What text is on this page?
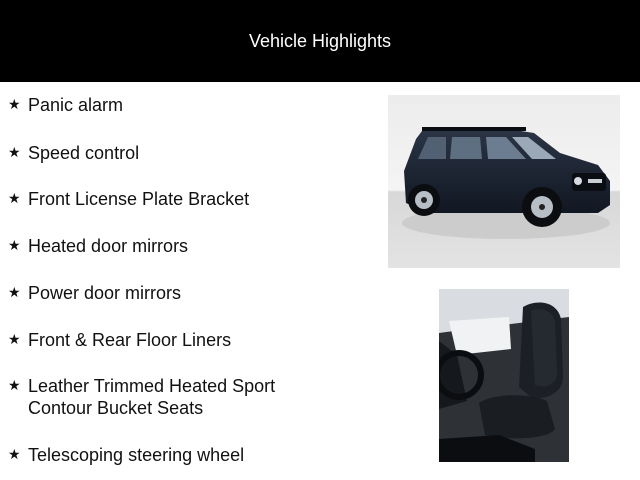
Vehicle Highlights
★ Panic alarm
★ Speed control
★ Front License Plate Bracket
★ Heated door mirrors
★ Power door mirrors
★ Front & Rear Floor Liners
★ Leather Trimmed Heated Sport Contour Bucket Seats
★ Telescoping steering wheel
